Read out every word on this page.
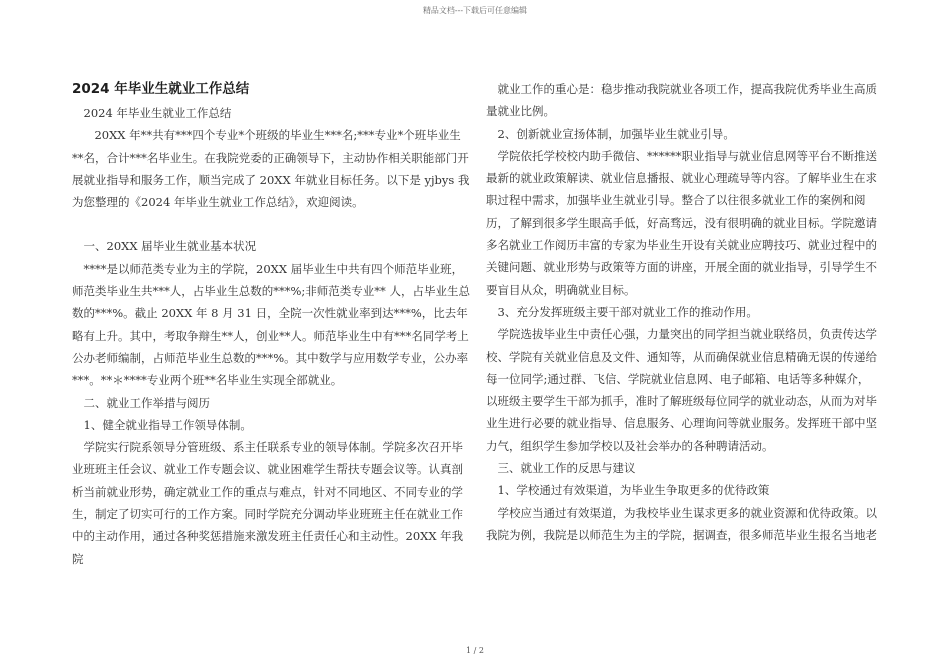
精品文档---下载后可任意编辑
2024 年毕业生就业工作总结

2024 年毕业生就业工作总结

20XX 年**共有***四个专业*个班级的毕业生***名;***专业*个班毕业生**名，合计***名毕业生。在我院党委的正确领导下，主动协作相关职能部门开展就业指导和服务工作，顺当完成了 20XX 年就业目标任务。以下是 yjbys 我为您整理的《2024 年毕业生就业工作总结》，欢迎阅读。

一、20XX 届毕业生就业基本状况

****是以师范类专业为主的学院，20XX 届毕业生中共有四个师范毕业班，师范类毕业生共***人，占毕业生总数的***%;非师范类专业** 人，占毕业生总数的***%。截止 20XX 年 8 月 31 日，全院一次性就业率到达***%，比去年略有上升。其中，考取争辩生**人，创业**人。师范毕业生中有***名同学考上公办老师编制，占师范毕业生总数的***%。其中数学与应用数学专业，公办率***。**＊****专业两个班**名毕业生实现全部就业。

二、就业工作举措与阅历

1、健全就业指导工作领导体制。

学院实行院系领导分管班级、系主任联系专业的领导体制。学院多次召开毕业班班主任会议、就业工作专题会议、就业困难学生帮扶专题会议等。认真剖析当前就业形势，确定就业工作的重点与难点，针对不同地区、不同专业的学生，制定了切实可行的工作方案。同时学院充分调动毕业班班主任在就业工作中的主动作用，通过各种奖惩措施来激发班主任责任心和主动性。20XX 年我院

就业工作的重心是：稳步推动我院就业各项工作，提高我院优秀毕业生高质量就业比例。

2、创新就业宣扬体制，加强毕业生就业引导。

学院依托学校校内助手微信、******职业指导与就业信息网等平台不断推送最新的就业政策解读、就业信息播报、就业心理疏导等内容。了解毕业生在求职过程中需求，加强毕业生就业引导。整合了以往很多就业工作的案例和阅历，了解到很多学生眼高手低，好高骛远，没有很明确的就业目标。学院邀请多名就业工作阅历丰富的专家为毕业生开设有关就业应聘技巧、就业过程中的关键问题、就业形势与政策等方面的讲座，开展全面的就业指导，引导学生不要盲目从众，明确就业目标。

3、充分发挥班级主要干部对就业工作的推动作用。

学院选拔毕业生中责任心强，力量突出的同学担当就业联络员，负责传达学校、学院有关就业信息及文件、通知等，从而确保就业信息精确无误的传递给每一位同学;通过群、飞信、学院就业信息网、电子邮箱、电话等多种媒介，以班级主要学生干部为抓手，准时了解班级每位同学的就业动态，从而为对毕业生进行必要的就业指导、信息服务、心理询问等就业服务。发挥班干部中坚力气，组织学生参加学校以及社会举办的各种聘请活动。

三、就业工作的反思与建议

1、学校通过有效渠道，为毕业生争取更多的优待政策

学校应当通过有效渠道，为我校毕业生谋求更多的就业资源和优待政策。以我院为例，我院是以师范生为主的学院，据调查，很多师范毕业生报名当地老

1 / 2
